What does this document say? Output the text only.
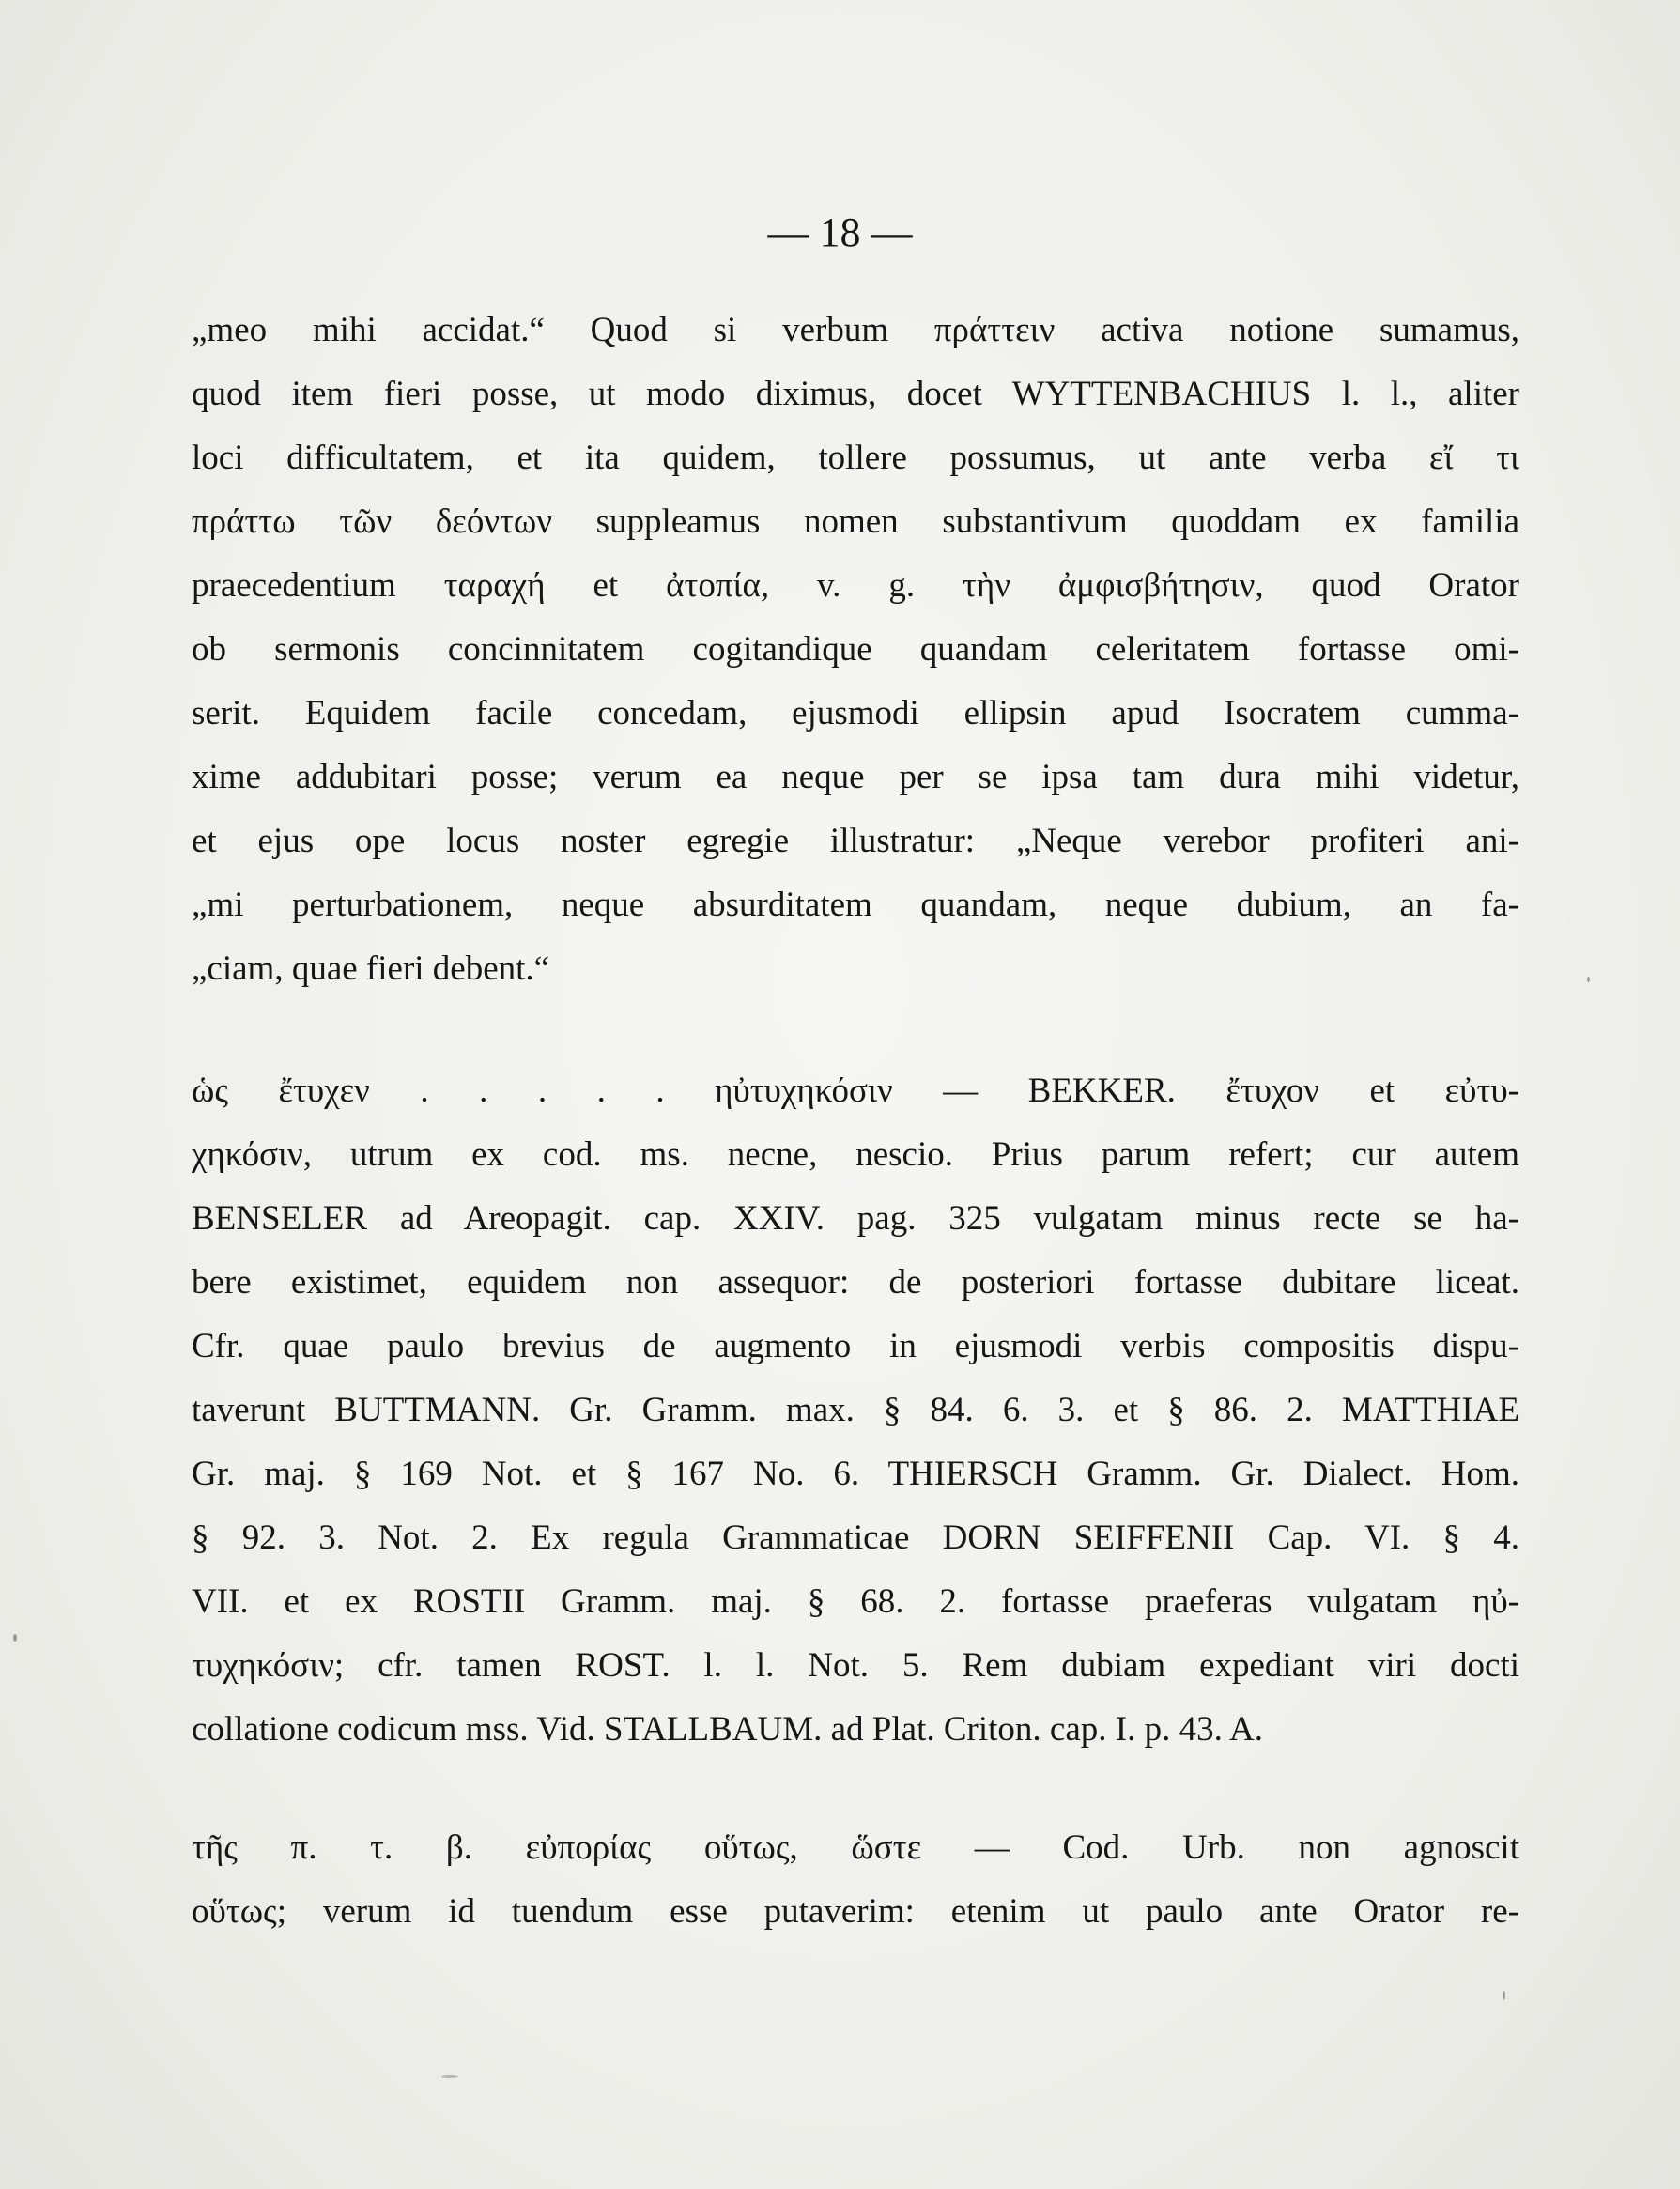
— 18 —
„meo mihi accidat.“ Quod si verbum πράττειν activa notione sumamus,
quod item fieri posse, ut modo diximus, docet WYTTENBACHIUS l. l., aliter
loci difficultatem, et ita quidem, tollere possumus, ut ante verba εἴ τι
πράττω τῶν δεόντων suppleamus nomen substantivum quoddam ex familia
praecedentium ταραχή et ἀτοπία, v. g. τὴν ἀμφισβήτησιν, quod Orator
ob sermonis concinnitatem cogitandique quandam celeritatem fortasse omi-
serit. Equidem facile concedam, ejusmodi ellipsin apud Isocratem cumma-
xime addubitari posse; verum ea neque per se ipsa tam dura mihi videtur,
et ejus ope locus noster egregie illustratur: „Neque verebor profiteri ani-
„mi perturbationem, neque absurditatem quandam, neque dubium, an fa-
„ciam, quae fieri debent.“
ὡς ἔτυχεν . . . . . ηὐτυχηκόσιν — BEKKER. ἔτυχον et εὐτυ-
χηκόσιν, utrum ex cod. ms. necne, nescio. Prius parum refert; cur autem
BENSELER ad Areopagit. cap. XXIV. pag. 325 vulgatam minus recte se ha-
bere existimet, equidem non assequor: de posteriori fortasse dubitare liceat.
Cfr. quae paulo brevius de augmento in ejusmodi verbis compositis dispu-
taverunt BUTTMANN. Gr. Gramm. max. § 84. 6. 3. et § 86. 2. MATTHIAE
Gr. maj. § 169 Not. et § 167 No. 6. THIERSCH Gramm. Gr. Dialect. Hom.
§ 92. 3. Not. 2. Ex regula Grammaticae DORN SEIFFENII Cap. VI. § 4.
VII. et ex ROSTII Gramm. maj. § 68. 2. fortasse praeferas vulgatam ηὐ-
τυχηκόσιν; cfr. tamen ROST. l. l. Not. 5. Rem dubiam expediant viri docti
collatione codicum mss. Vid. STALLBAUM. ad Plat. Criton. cap. I. p. 43. A.
τῆς π. τ. β. εὐπορίας οὕτως, ὥστε — Cod. Urb. non agnoscit
οὕτως; verum id tuendum esse putaverim: etenim ut paulo ante Orator re-
